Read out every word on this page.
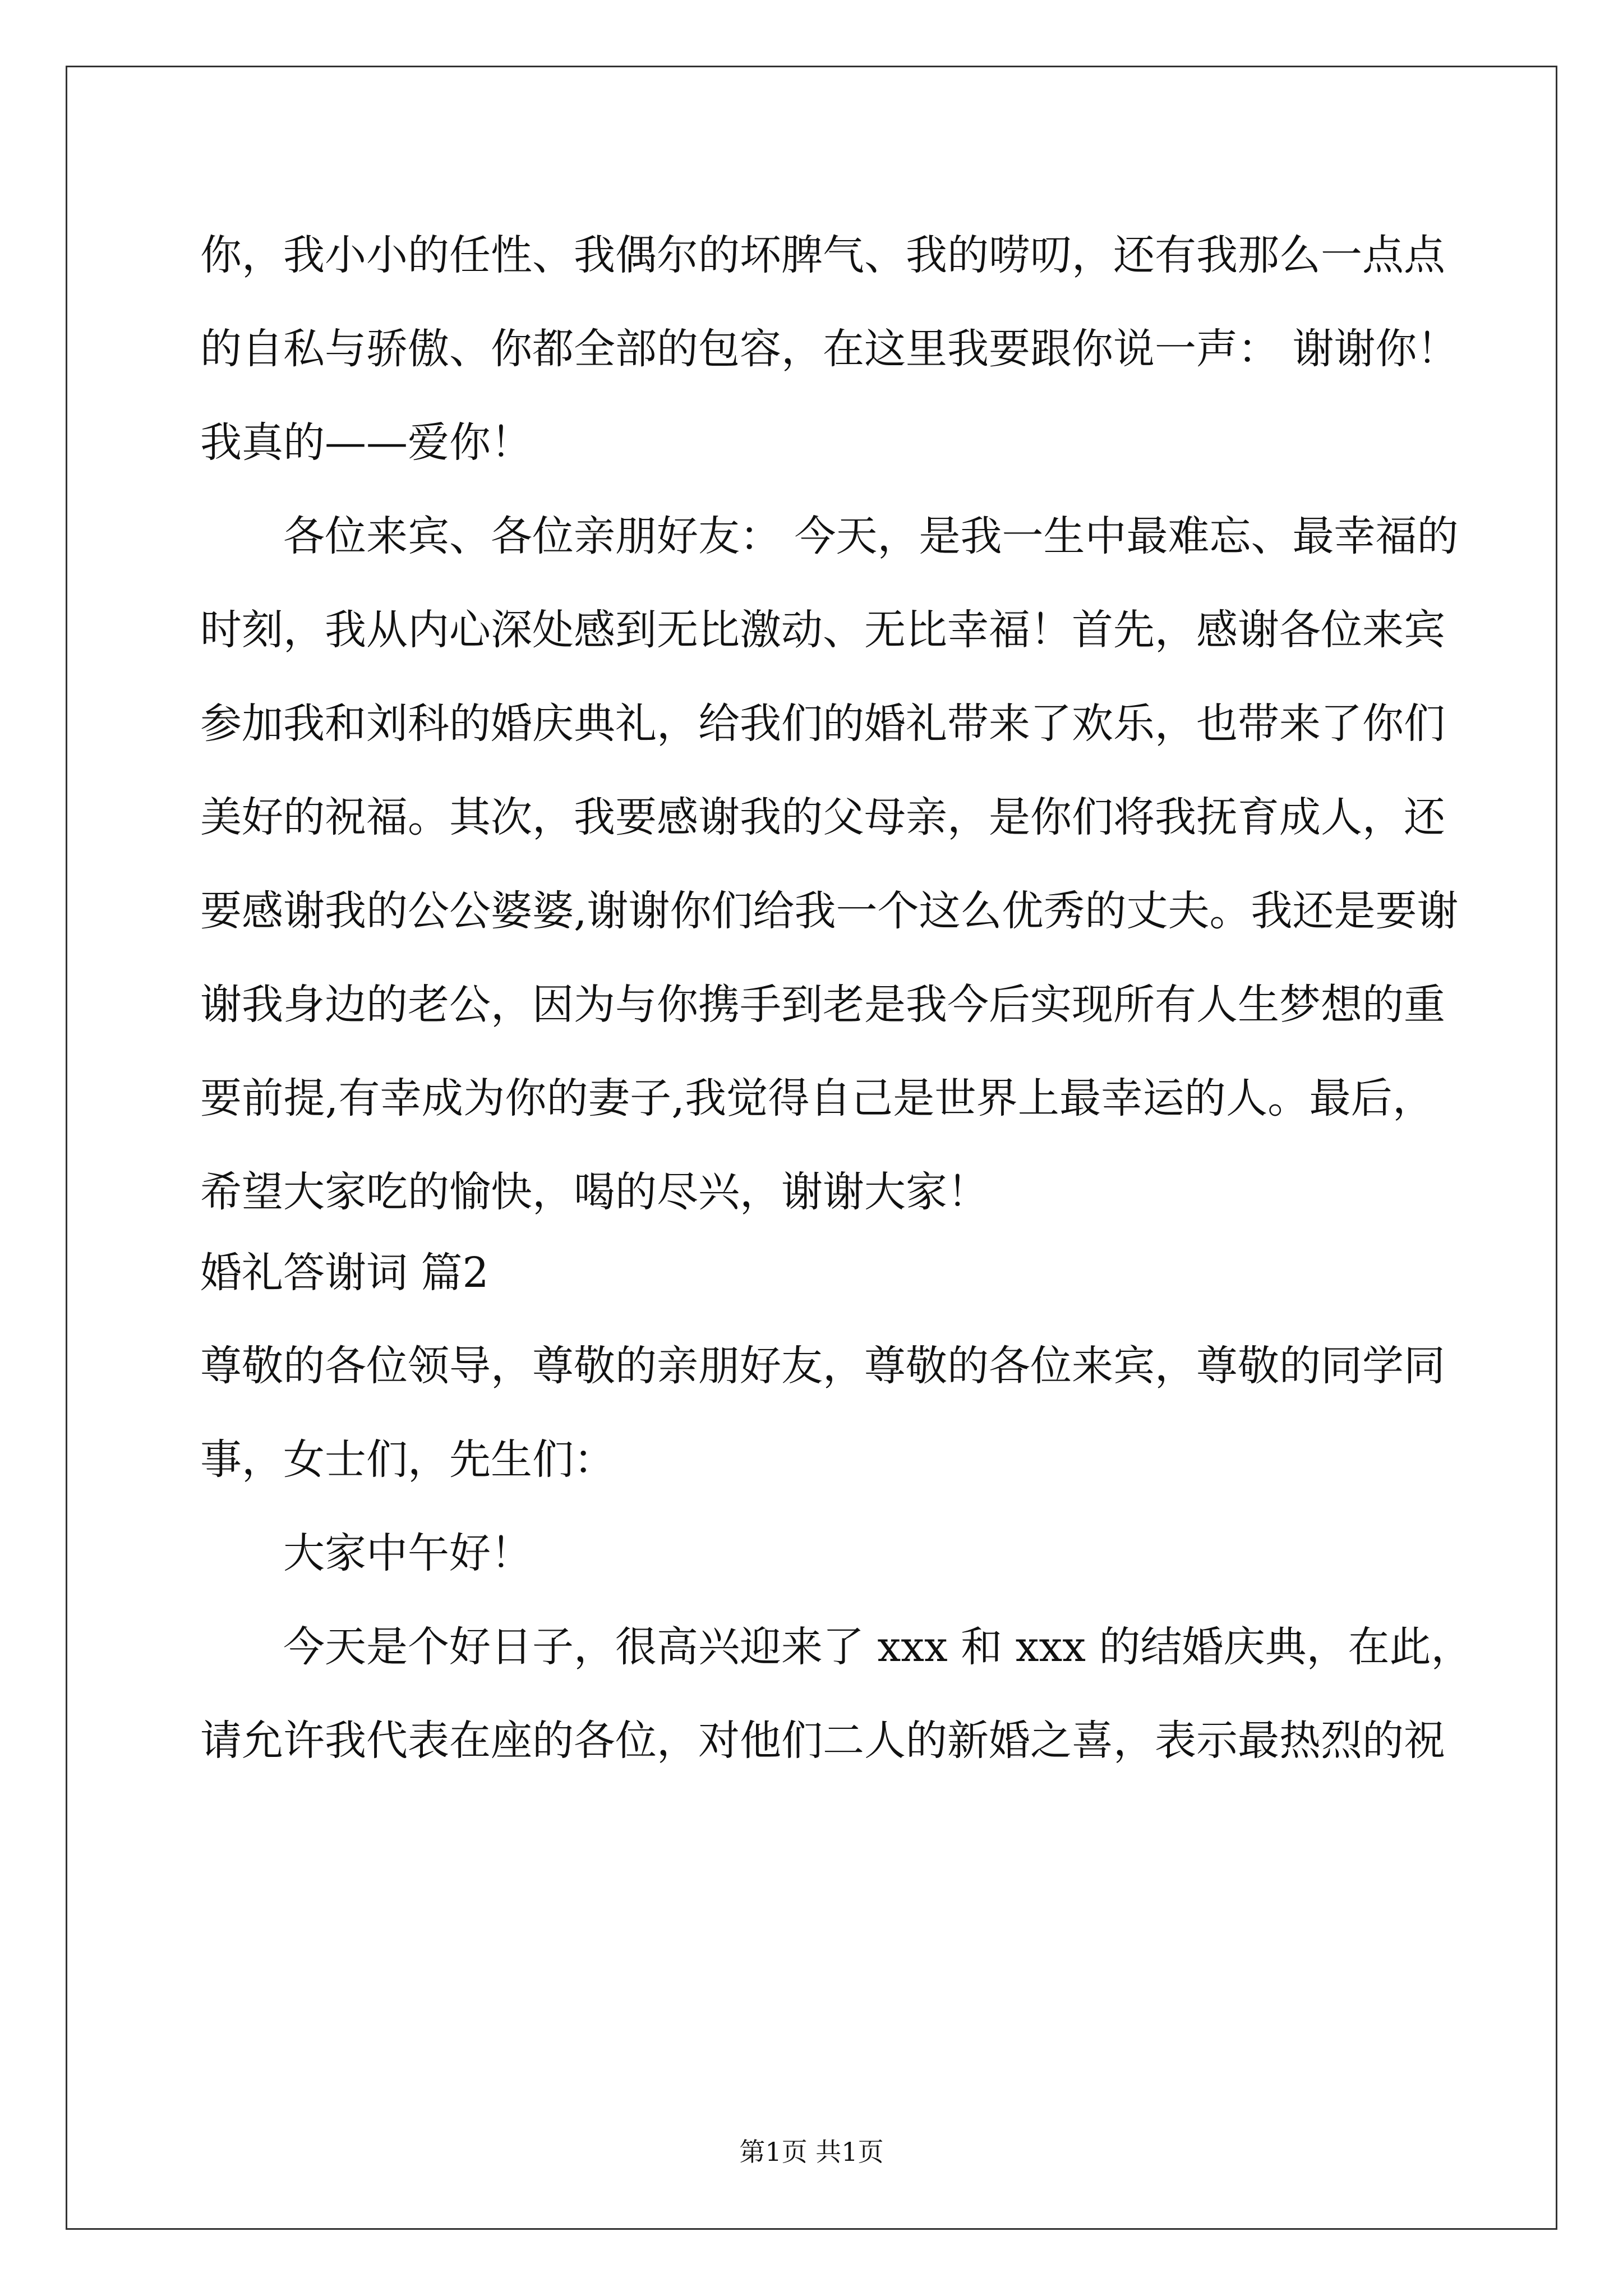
你，我小小的任性、我偶尔的坏脾气、我的唠叨，还有我那么一点点
的自私与骄傲、你都全部的包容，在这里我要跟你说一声： 谢谢你！
我真的——爱你！
各位来宾、各位亲朋好友： 今天，是我一生中最难忘、最幸福的
时刻，我从内心深处感到无比激动、无比幸福！首先，感谢各位来宾
参加我和刘科的婚庆典礼，给我们的婚礼带来了欢乐，也带来了你们
美好的祝福。其次，我要感谢我的父母亲，是你们将我抚育成人，还
要感谢我的公公婆婆,谢谢你们给我一个这么优秀的丈夫。我还是要谢
谢我身边的老公，因为与你携手到老是我今后实现所有人生梦想的重
要前提,有幸成为你的妻子,我觉得自己是世界上最幸运的人。最后，
希望大家吃的愉快，喝的尽兴，谢谢大家！
婚礼答谢词 篇2
尊敬的各位领导，尊敬的亲朋好友，尊敬的各位来宾，尊敬的同学同
事，女士们，先生们：
大家中午好！
今天是个好日子，很高兴迎来了 xxx 和 xxx 的结婚庆典，在此，
请允许我代表在座的各位，对他们二人的新婚之喜，表示最热烈的祝
第1页 共1页
